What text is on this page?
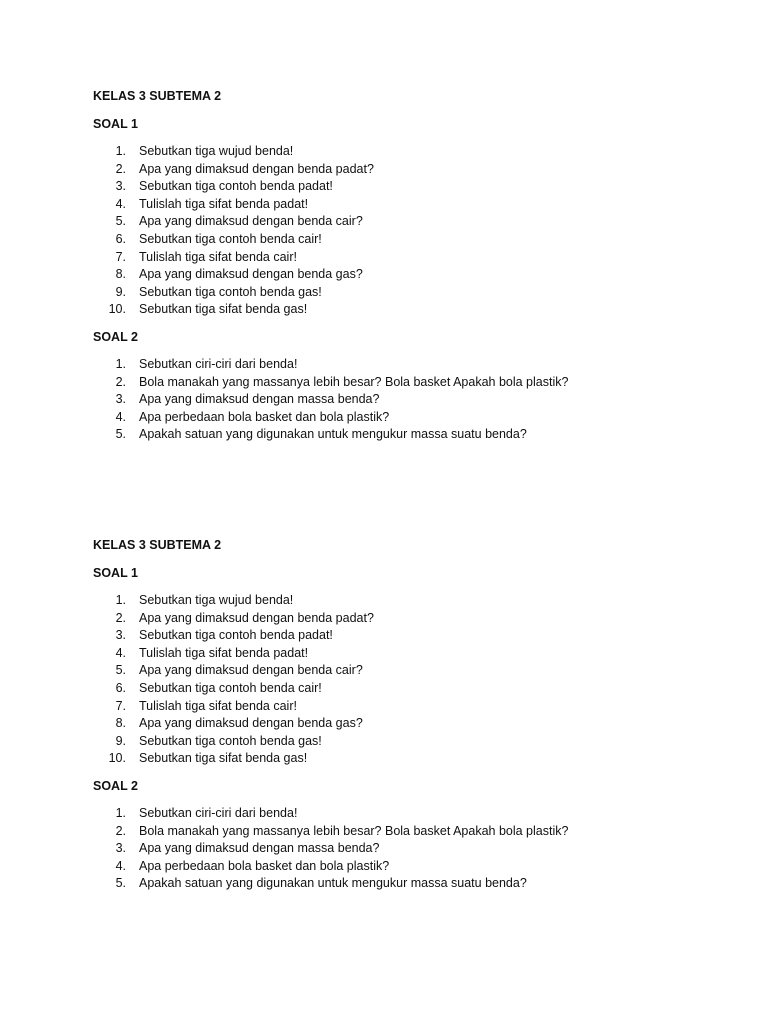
KELAS 3 SUBTEMA 2

SOAL 1

1. Sebutkan tiga wujud benda!
2. Apa yang dimaksud dengan benda padat?
3. Sebutkan tiga contoh benda padat!
4. Tulislah tiga sifat benda padat!
5. Apa yang dimaksud dengan benda cair?
6. Sebutkan tiga contoh benda cair!
7. Tulislah tiga sifat benda cair!
8. Apa yang dimaksud dengan benda gas?
9. Sebutkan tiga contoh benda gas!
10. Sebutkan tiga sifat benda gas!

SOAL 2

1. Sebutkan ciri-ciri dari benda!
2. Bola manakah yang massanya lebih besar? Bola basket Apakah bola plastik?
3. Apa yang dimaksud dengan massa benda?
4. Apa perbedaan bola basket dan bola plastik?
5. Apakah satuan yang digunakan untuk mengukur massa suatu benda?

KELAS 3 SUBTEMA 2

SOAL 1

1. Sebutkan tiga wujud benda!
2. Apa yang dimaksud dengan benda padat?
3. Sebutkan tiga contoh benda padat!
4. Tulislah tiga sifat benda padat!
5. Apa yang dimaksud dengan benda cair?
6. Sebutkan tiga contoh benda cair!
7. Tulislah tiga sifat benda cair!
8. Apa yang dimaksud dengan benda gas?
9. Sebutkan tiga contoh benda gas!
10. Sebutkan tiga sifat benda gas!

SOAL 2

1. Sebutkan ciri-ciri dari benda!
2. Bola manakah yang massanya lebih besar? Bola basket Apakah bola plastik?
3. Apa yang dimaksud dengan massa benda?
4. Apa perbedaan bola basket dan bola plastik?
5. Apakah satuan yang digunakan untuk mengukur massa suatu benda?
